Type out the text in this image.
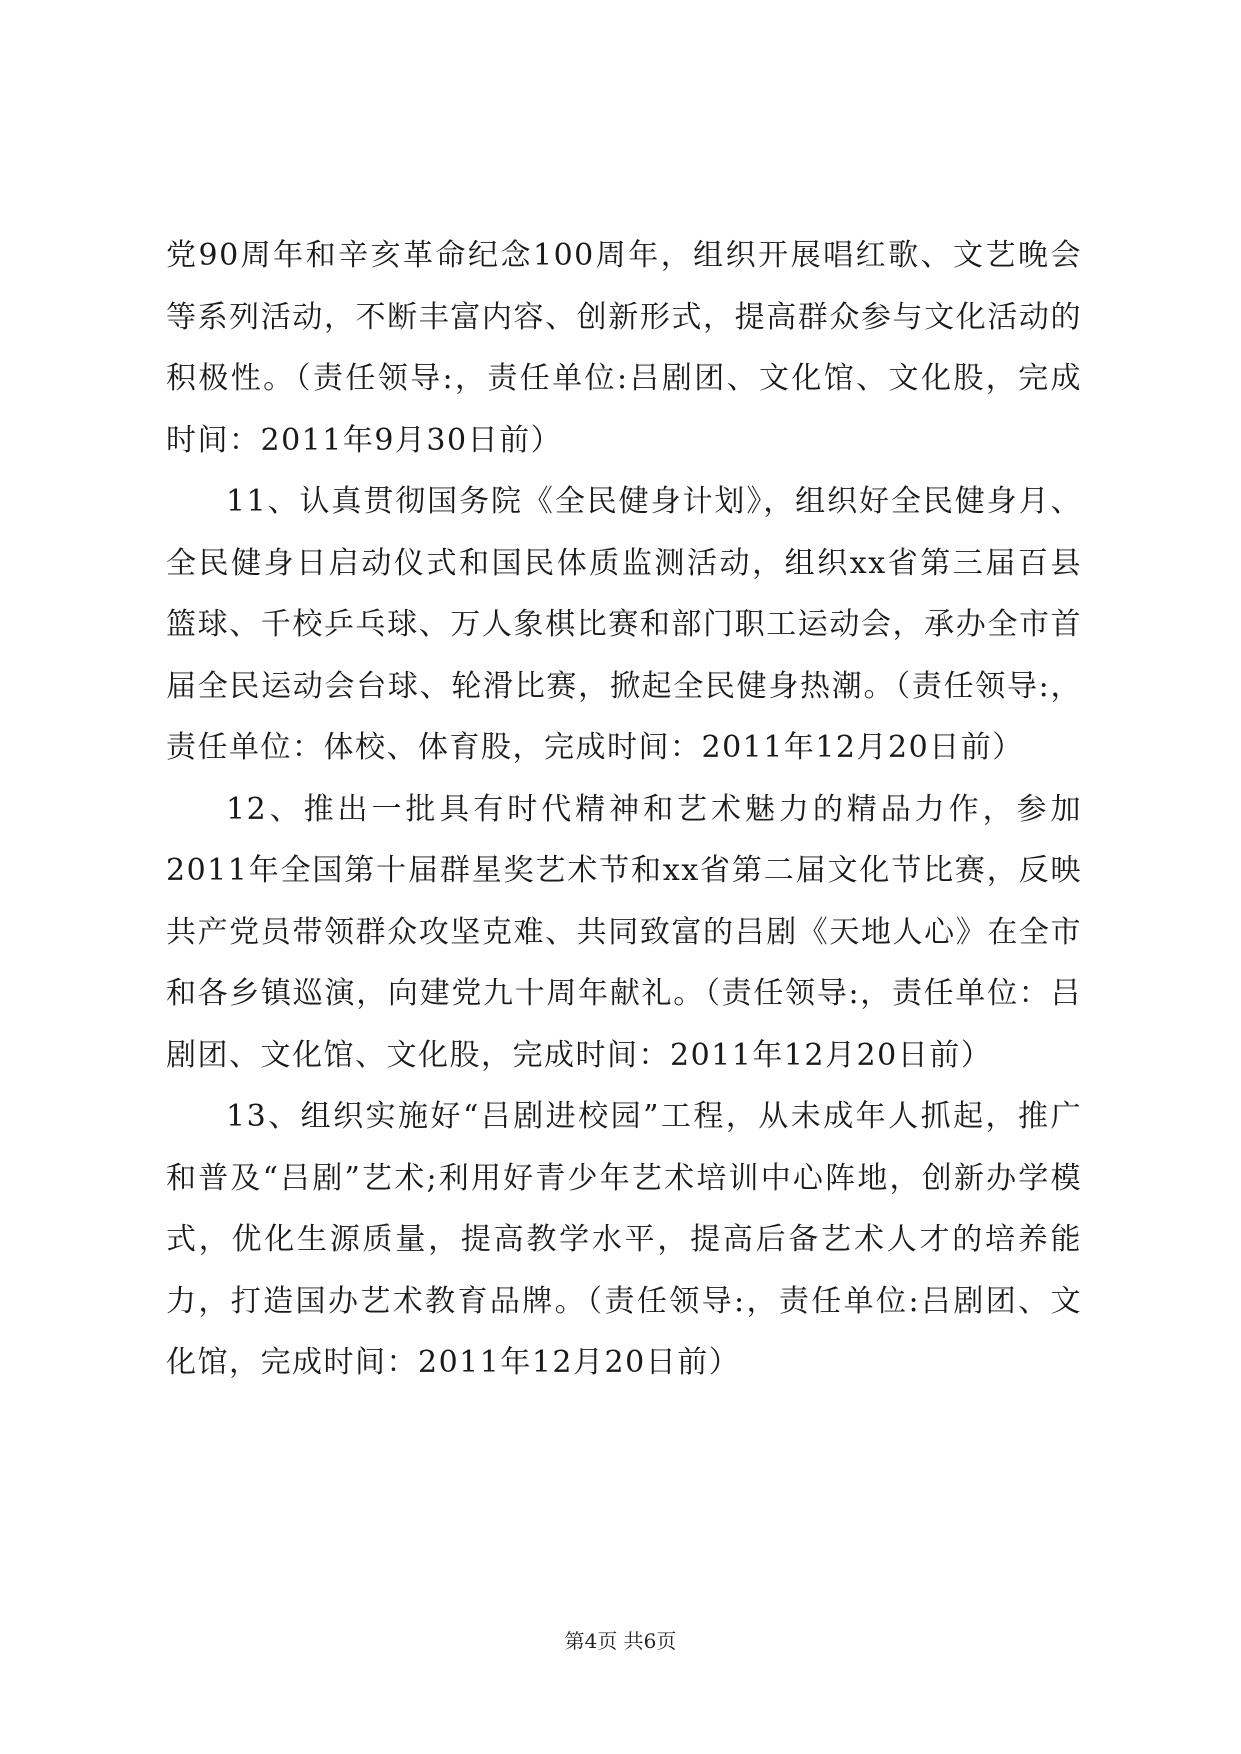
党90周年和辛亥革命纪念100周年，组织开展唱红歌、文艺晚会等系列活动，不断丰富内容、创新形式，提高群众参与文化活动的积极性。（责任领导:，责任单位:吕剧团、文化馆、文化股，完成时间：2011年9月30日前）

11、认真贯彻国务院《全民健身计划》，组织好全民健身月、全民健身日启动仪式和国民体质监测活动，组织xx省第三届百县篮球、千校乒乓球、万人象棋比赛和部门职工运动会，承办全市首届全民运动会台球、轮滑比赛，掀起全民健身热潮。（责任领导:，责任单位：体校、体育股，完成时间：2011年12月20日前）

12、推出一批具有时代精神和艺术魅力的精品力作，参加2011年全国第十届群星奖艺术节和xx省第二届文化节比赛，反映共产党员带领群众攻坚克难、共同致富的吕剧《天地人心》在全市和各乡镇巡演，向建党九十周年献礼。（责任领导:，责任单位：吕剧团、文化馆、文化股，完成时间：2011年12月20日前）

13、组织实施好“吕剧进校园”工程，从未成年人抓起，推广和普及“吕剧”艺术;利用好青少年艺术培训中心阵地，创新办学模式，优化生源质量，提高教学水平，提高后备艺术人才的培养能力，打造国办艺术教育品牌。（责任领导:，责任单位:吕剧团、文化馆，完成时间：2011年12月20日前）

第4页 共6页
